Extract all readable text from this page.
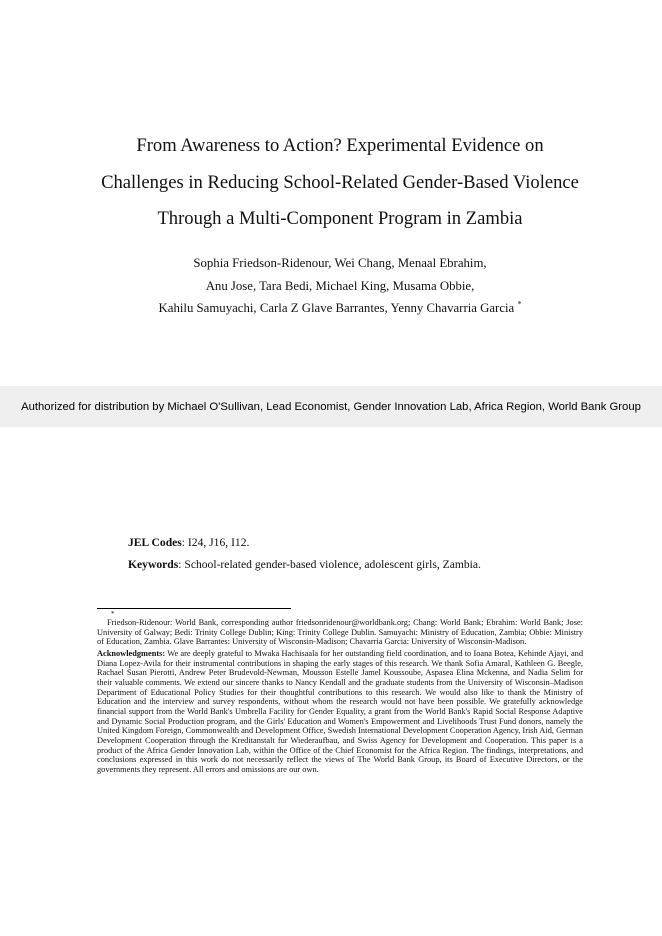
From Awareness to Action? Experimental Evidence on
Challenges in Reducing School-Related Gender-Based Violence
Through a Multi-Component Program in Zambia
Sophia Friedson-Ridenour, Wei Chang, Menaal Ebrahim,
Anu Jose, Tara Bedi, Michael King, Musama Obbie,
Kahilu Samuyachi, Carla Z Glave Barrantes, Yenny Chavarria Garcia *
Authorized for distribution by Michael O'Sullivan, Lead Economist, Gender Innovation Lab, Africa Region, World Bank Group
JEL Codes: I24, J16, I12.
Keywords: School-related gender-based violence, adolescent girls, Zambia.
*

Friedson-Ridenour: World Bank, corresponding author friedsonridenour@worldbank.org; Chang: World Bank; Ebrahim: World Bank; Jose: University of Galway; Bedi: Trinity College Dublin; King: Trinity College Dublin. Samuyachi: Ministry of Education, Zambia; Obbie: Ministry of Education, Zambia. Glave Barrantes: University of Wisconsin-Madison; Chavarria Garcia: University of Wisconsin-Madison.

Acknowledgments: We are deeply grateful to Mwaka Hachisaala for her outstanding field coordination, and to Ioana Botea, Kehinde Ajayi, and Diana Lopez-Avila for their instrumental contributions in shaping the early stages of this research. We thank Sofia Amaral, Kathleen G. Beegle, Rachael Susan Pierotti, Andrew Peter Brudevold-Newman, Mousson Estelle Jamel Koussoube, Aspasea Elina Mckenna, and Nadia Selim for their valuable comments. We extend our sincere thanks to Nancy Kendall and the graduate students from the University of Wisconsin–Madison Department of Educational Policy Studies for their thoughtful contributions to this research. We would also like to thank the Ministry of Education and the interview and survey respondents, without whom the research would not have been possible. We gratefully acknowledge financial support from the World Bank's Umbrella Facility for Gender Equality, a grant from the World Bank's Rapid Social Response Adaptive and Dynamic Social Production program, and the Girls' Education and Women's Empowerment and Livelihoods Trust Fund donors, namely the United Kingdom Foreign, Commonwealth and Development Office, Swedish International Development Cooperation Agency, Irish Aid, German Development Cooperation through the Kreditanstalt fur Wiederaufbau, and Swiss Agency for Development and Cooperation. This paper is a product of the Africa Gender Innovation Lab, within the Office of the Chief Economist for the Africa Region. The findings, interpretations, and conclusions expressed in this work do not necessarily reflect the views of The World Bank Group, its Board of Executive Directors, or the governments they represent. All errors and omissions are our own.
